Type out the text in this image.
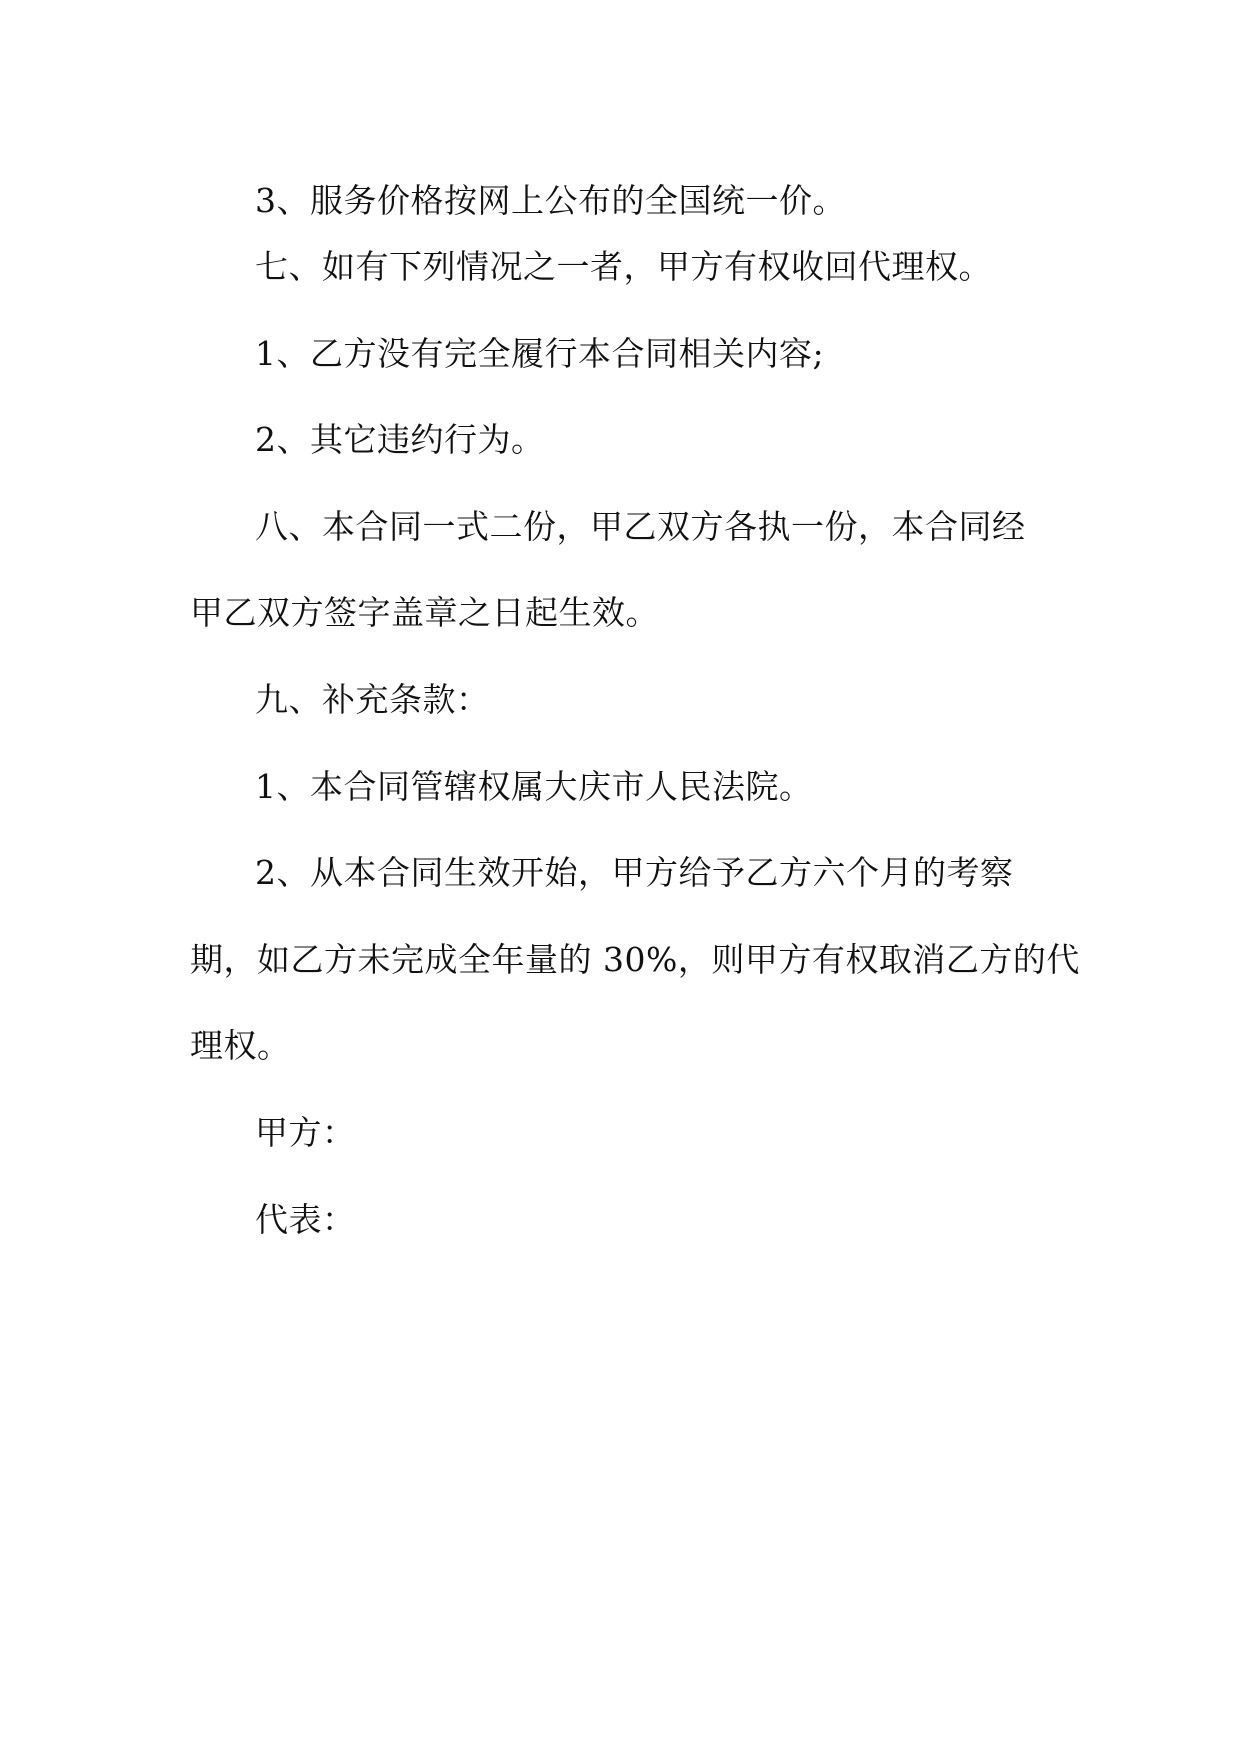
3、服务价格按网上公布的全国统一价。
七、如有下列情况之一者，甲方有权收回代理权。
1、乙方没有完全履行本合同相关内容;
2、其它违约行为。
八、本合同一式二份，甲乙双方各执一份，本合同经
甲乙双方签字盖章之日起生效。
九、补充条款：
1、本合同管辖权属大庆市人民法院。
2、从本合同生效开始，甲方给予乙方六个月的考察
期，如乙方未完成全年量的 30%，则甲方有权取消乙方的代
理权。
甲方：
代表：
